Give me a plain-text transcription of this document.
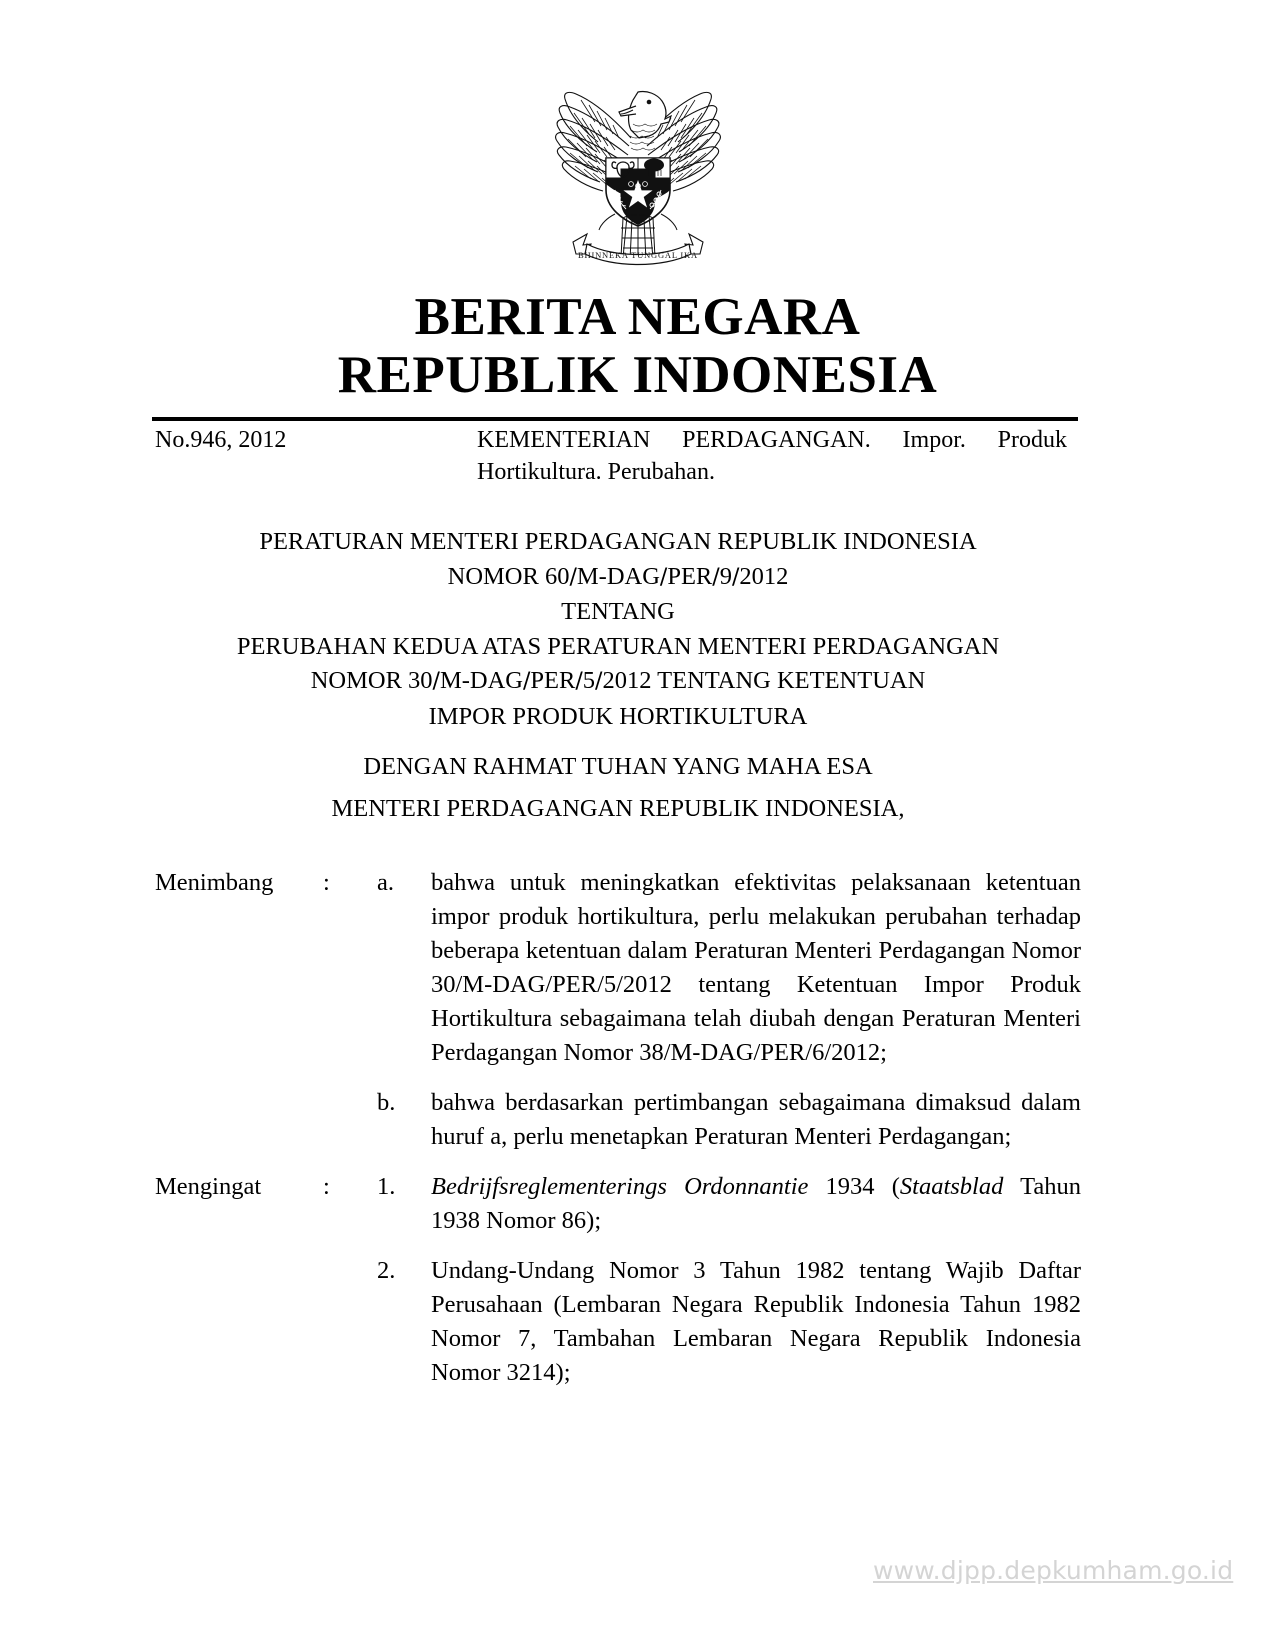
BHINNEKA TUNGGAL IKA
BERITA NEGARA
REPUBLIK INDONESIA
No.946, 2012	KEMENTERIAN PERDAGANGAN. Impor. Produk Hortikultura. Perubahan.
PERATURAN MENTERI PERDAGANGAN REPUBLIK INDONESIA
NOMOR 60/M-DAG/PER/9/2012
TENTANG
PERUBAHAN KEDUA ATAS PERATURAN MENTERI PERDAGANGAN
NOMOR 30/M-DAG/PER/5/2012 TENTANG KETENTUAN
IMPOR PRODUK HORTIKULTURA
DENGAN RAHMAT TUHAN YANG MAHA ESA
MENTERI PERDAGANGAN REPUBLIK INDONESIA,
Menimbang	: a.	bahwa untuk meningkatkan efektivitas pelaksanaan ketentuan impor produk hortikultura, perlu melakukan perubahan terhadap beberapa ketentuan dalam Peraturan Menteri Perdagangan Nomor 30/M-DAG/PER/5/2012 tentang Ketentuan Impor Produk Hortikultura sebagaimana telah diubah dengan Peraturan Menteri Perdagangan Nomor 38/M-DAG/PER/6/2012;
b.	bahwa berdasarkan pertimbangan sebagaimana dimaksud dalam huruf a, perlu menetapkan Peraturan Menteri Perdagangan;
Mengingat	: 1.	Bedrijfsreglementerings Ordonnantie 1934 (Staatsblad Tahun 1938 Nomor 86);
2.	Undang-Undang Nomor 3 Tahun 1982 tentang Wajib Daftar Perusahaan (Lembaran Negara Republik Indonesia Tahun 1982 Nomor 7, Tambahan Lembaran Negara Republik Indonesia Nomor 3214);
www.djpp.depkumham.go.id
